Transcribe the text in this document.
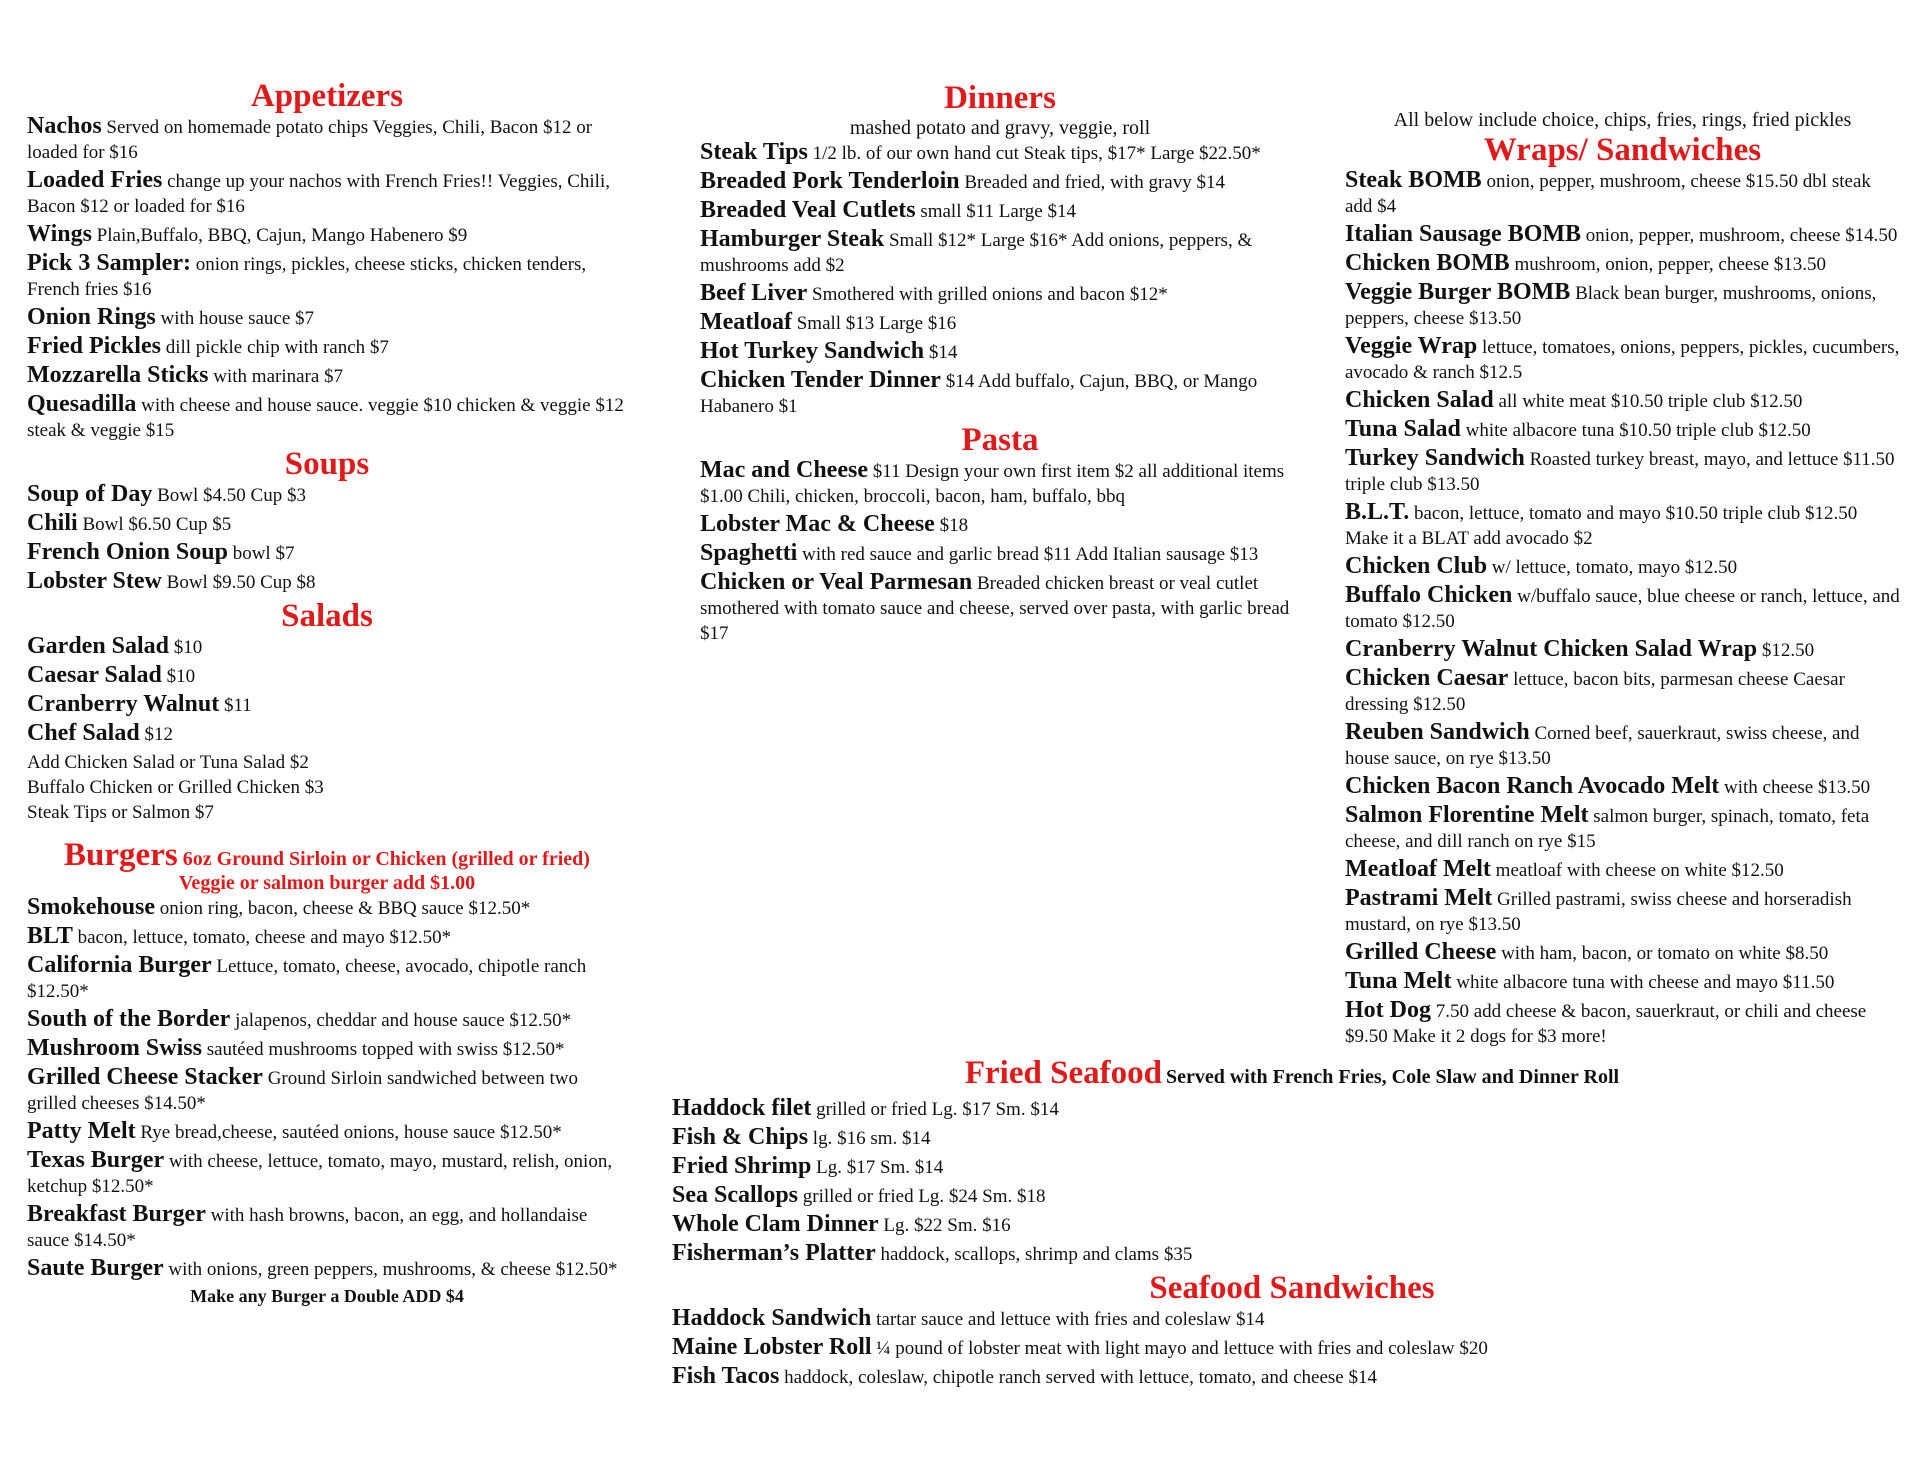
Appetizers
Nachos Served on homemade potato chips Veggies, Chili, Bacon $12 or loaded for $16
Loaded Fries change up your nachos with French Fries!! Veggies, Chili, Bacon $12 or loaded for $16
Wings Plain,Buffalo, BBQ, Cajun, Mango Habenero $9
Pick 3 Sampler: onion rings, pickles, cheese sticks, chicken tenders, French fries $16
Onion Rings with house sauce $7
Fried Pickles dill pickle chip with ranch $7
Mozzarella Sticks with marinara $7
Quesadilla with cheese and house sauce. veggie $10 chicken & veggie $12 steak & veggie $15
Soups
Soup of Day Bowl $4.50 Cup $3
Chili Bowl $6.50 Cup $5
French Onion Soup bowl $7
Lobster Stew Bowl $9.50 Cup $8
Salads
Garden Salad $10
Caesar Salad $10
Cranberry Walnut $11
Chef Salad $12
Add Chicken Salad or Tuna Salad $2
Buffalo Chicken or Grilled Chicken $3
Steak Tips or Salmon $7
Burgers 6oz Ground Sirloin or Chicken (grilled or fried)
Veggie or salmon burger add $1.00
Smokehouse onion ring, bacon, cheese & BBQ sauce $12.50*
BLT bacon, lettuce, tomato, cheese and mayo $12.50*
California Burger Lettuce, tomato, cheese, avocado, chipotle ranch $12.50*
South of the Border jalapenos, cheddar and house sauce $12.50*
Mushroom Swiss sautéed mushrooms topped with swiss $12.50*
Grilled Cheese Stacker Ground Sirloin sandwiched between two grilled cheeses $14.50*
Patty Melt Rye bread,cheese, sautéed onions, house sauce $12.50*
Texas Burger with cheese, lettuce, tomato, mayo, mustard, relish, onion, ketchup $12.50*
Breakfast Burger with hash browns, bacon, an egg, and hollandaise sauce $14.50*
Saute Burger with onions, green peppers, mushrooms, & cheese $12.50*
Make any Burger a Double ADD $4
Dinners
mashed potato and gravy, veggie, roll
Steak Tips 1/2 lb. of our own hand cut Steak tips, $17* Large $22.50*
Breaded Pork Tenderloin Breaded and fried, with gravy $14
Breaded Veal Cutlets small $11 Large $14
Hamburger Steak Small $12* Large $16* Add onions, peppers, & mushrooms add $2
Beef Liver Smothered with grilled onions and bacon $12*
Meatloaf Small $13 Large $16
Hot Turkey Sandwich $14
Chicken Tender Dinner $14 Add buffalo, Cajun, BBQ, or Mango Habanero $1
Pasta
Mac and Cheese $11 Design your own first item $2 all additional items $1.00 Chili, chicken, broccoli, bacon, ham, buffalo, bbq
Lobster Mac & Cheese $18
Spaghetti with red sauce and garlic bread $11 Add Italian sausage $13
Chicken or Veal Parmesan Breaded chicken breast or veal cutlet smothered with tomato sauce and cheese, served over pasta, with garlic bread $17
All below include choice, chips, fries, rings, fried pickles
Wraps/ Sandwiches
Steak BOMB onion, pepper, mushroom, cheese $15.50 dbl steak add $4
Italian Sausage BOMB onion, pepper, mushroom, cheese $14.50
Chicken BOMB mushroom, onion, pepper, cheese $13.50
Veggie Burger BOMB Black bean burger, mushrooms, onions, peppers, cheese $13.50
Veggie Wrap lettuce, tomatoes, onions, peppers, pickles, cucumbers, avocado & ranch $12.5
Chicken Salad all white meat $10.50 triple club $12.50
Tuna Salad white albacore tuna $10.50 triple club $12.50
Turkey Sandwich Roasted turkey breast, mayo, and lettuce $11.50 triple club $13.50
B.L.T. bacon, lettuce, tomato and mayo $10.50 triple club $12.50 Make it a BLAT add avocado $2
Chicken Club w/ lettuce, tomato, mayo $12.50
Buffalo Chicken w/buffalo sauce, blue cheese or ranch, lettuce, and tomato $12.50
Cranberry Walnut Chicken Salad Wrap $12.50
Chicken Caesar lettuce, bacon bits, parmesan cheese Caesar dressing $12.50
Reuben Sandwich Corned beef, sauerkraut, swiss cheese, and house sauce, on rye $13.50
Chicken Bacon Ranch Avocado Melt with cheese $13.50
Salmon Florentine Melt salmon burger, spinach, tomato, feta cheese, and dill ranch on rye $15
Meatloaf Melt meatloaf with cheese on white $12.50
Pastrami Melt Grilled pastrami, swiss cheese and horseradish mustard, on rye $13.50
Grilled Cheese with ham, bacon, or tomato on white $8.50
Tuna Melt white albacore tuna with cheese and mayo $11.50
Hot Dog 7.50 add cheese & bacon, sauerkraut, or chili and cheese $9.50 Make it 2 dogs for $3 more!
Fried Seafood Served with French Fries, Cole Slaw and Dinner Roll
Haddock filet grilled or fried Lg. $17 Sm. $14
Fish & Chips lg. $16 sm. $14
Fried Shrimp Lg. $17 Sm. $14
Sea Scallops grilled or fried Lg. $24 Sm. $18
Whole Clam Dinner Lg. $22 Sm. $16
Fisherman’s Platter haddock, scallops, shrimp and clams $35
Seafood Sandwiches
Haddock Sandwich tartar sauce and lettuce with fries and coleslaw $14
Maine Lobster Roll ¼ pound of lobster meat with light mayo and lettuce with fries and coleslaw $20
Fish Tacos haddock, coleslaw, chipotle ranch served with lettuce, tomato, and cheese $14
